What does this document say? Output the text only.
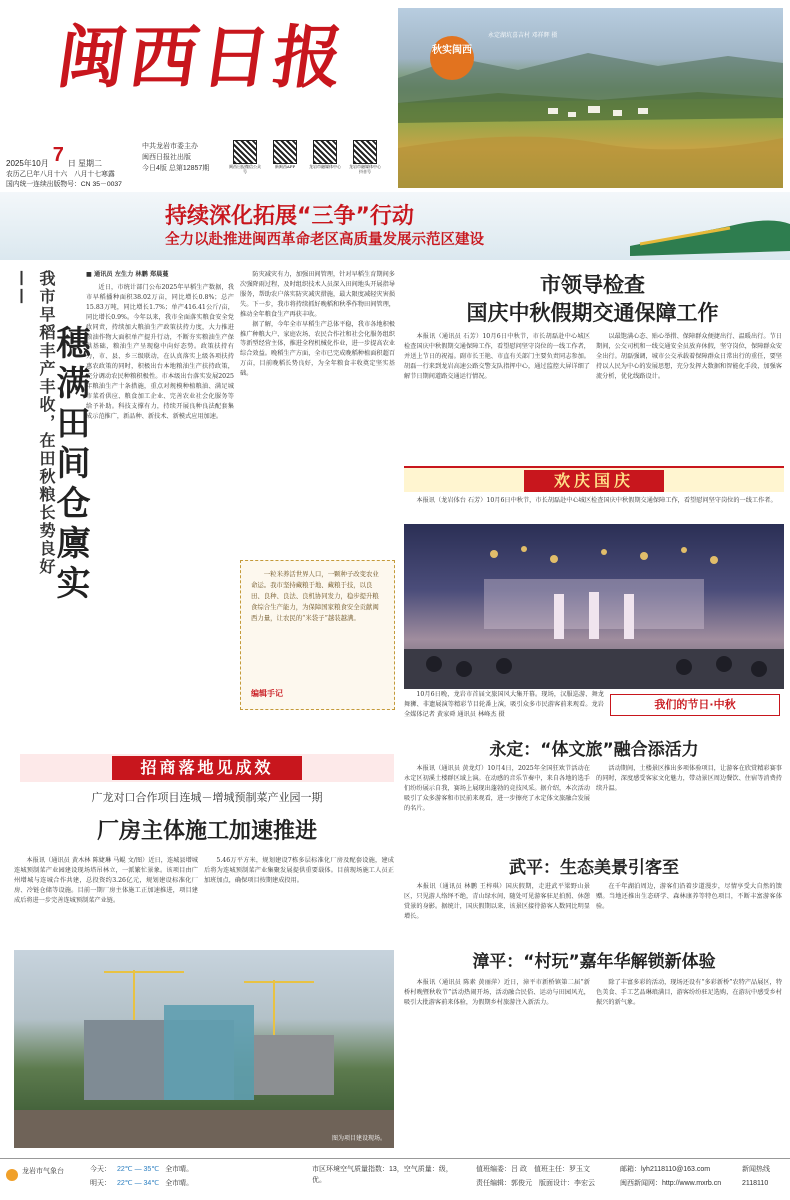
闽西日报
2025年10月 7 日 星期二
农历乙巳年八月十六　八月十七寒露
国内统一连续出版物号：CN 35－0037
中共龙岩市委主办
闽西日报社出版
今日4版 总第12857期	闽西日报微信公众号
新闽西APP	龙岩市融媒体中心 龙岩市融媒体中心抖音号
永定湖坑喜吉村 邓祥辉 摄
秋实闽西
持续深化拓展“三争”行动
全力以赴推进闽西革命老区高质量发展示范区建设
我市早稻丰产丰收，在田秋粮长势良好——
穗满田间仓廪实
■ 通讯员 左生力 林鹏 郑晨蔓
近日，市统计部门公布2025年早稻生产数据，我市早稻播种面积38.02万亩，同比增长0.8%；总产15.83万吨，同比增长1.7%；单产416.41公斤/亩，同比增长0.9%。今年以来，我市全面落实粮食安全党政同责，持续加大粮油生产政策扶持力度，大力推进粮油作物大面积单产提升行动，不断夯实粮油生产保供基础，粮油生产呈现稳中向好态势。政策扶持有力，市、县、乡三级联动，在认真落实上级各项扶持惠农政策的同时，积极出台本地粮油生产扶持政策，充分调动农民种粮积极性。市本级出台落实发展2025年粮油生产十条措施，重点对规模种植粮油、满足城市菜肴供应、粮食加工企业、完善农业社会化服务等给予补助。科技支撑有力，持续开展良种良法配套集成示范推广，新品种、新技术、新模式应用加速。
防灾减灾有力，加强田间管理，针对早稻生育期间多次强降雨过程，及时组织技术人员深入田间地头开展指导服务，帮助农户落实防灾减灾措施，最大限度减轻灾害损失。下一步，我市将持续抓好晚稻和秋季作物田间管理，推动全年粮食生产再获丰收。
据了解，今年全市早稻生产总体平稳，我市各地积极推广种粮大户、家庭农场、农民合作社和社会化服务组织等新型经营主体，推进全程机械化作业，进一步提高农业综合效益。晚稻生产方面，全市已完成晚稻种植面积超百万亩，目前晚稻长势良好，为全年粮食丰收奠定坚实基础。
一粒米养活世界人口，一颗种子改变农业命运。我市坚持藏粮于地、藏粮于技，以良田、良种、良法、良机协同发力，稳步提升粮食综合生产能力，为保障国家粮食安全贡献闽西力量，让农民的“米袋子”越装越满。
编辑手记
市领导检查
国庆中秋假期交通保障工作
本报讯（通讯员 石芳）10月6日中秋节，市长胡磊赴中心城区检查国庆中秋假期交通保障工作，看望慰问坚守岗位的一线工作者，并送上节日的祝福。副市长王艳、市直有关部门主要负责同志参加。胡磊一行来到龙岩高速公路交警支队指挥中心，通过监控大屏详细了解节日期间道路交通运行情况。
以最饱满心态、贴心举措、保障群众便捷出行、温暖出行。节日期间，公交司机和一线交通安全员放弃休假，坚守岗位，保障群众安全出行。胡磊强调，城市公交承载着保障群众日常出行的重任，要坚持以人民为中心的发展思想，充分发挥大数据和智能化手段，加强客流分析，优化线路设计。
欢庆国庆
本报讯（龙岩体台 石芳）10月6日中秋节，市长胡磊赴中心城区检查国庆中秋假期交通保障工作，看望慰问坚守岗位的一线工作者。
10月6日晚，龙岩市首届文旅国风大集开幕。现场，汉服巡游、舞龙舞狮、非遗展演等精彩节目轮番上演，吸引众多市民游客前来观看。龙岩全媒体记者 黄家舜 通讯员 林峰杰 摄
我们的节日·中秋
永定：“体文旅”融合添活力
本报讯（通讯员 黄龙灯）10月4日，2025年全国狂欢节活动在永定区初溪土楼群区域上演。在动感的音乐节奏中，来自各地的选手们纷纷展示自我，赛场上展现出蓬勃的竞技风采。据介绍，本次活动吸引了众多游客和市民前来观看，进一步擦亮了永定体文旅融合发展的名片。
活动期间，土楼景区推出多项体验项目，让游客在欣赏精彩赛事的同时，深度感受客家文化魅力，带动景区周边餐饮、住宿等消费持续升温。
武平：生态美景引客至
本报讯（通讯员 林鹏 王梓琪）国庆假期，走进武平梁野山景区，只见游人络绎不绝，青山绿水间，随处可见游客驻足拍照、休憩赏景的身影。据统计，国庆假期以来，该景区接待游客人数同比明显增长。
在千年湖泊周边，游客们沿着步道漫步，尽情享受大自然的馈赠。当地还推出生态研学、森林康养等特色项目，不断丰富游客体验。
漳平：“村玩”嘉年华解锁新体验
本报讯（通讯员 陈素 黄丽萍）近日，漳平市新桥镇第二届“新桥村晚暨秋收节”活动热闹开场，活动融合民俗、运动与田园风光，吸引大批游客前来体验，为假期乡村旅游注入新活力。
除了丰富多彩的活动，现场还设有“多彩新桥”农特产品展区，特色美食、手工艺品琳琅满目，游客纷纷驻足选购，在游玩中感受乡村振兴的新气象。
招商落地见成效
广龙对口合作项目连城－增城预制菜产业园一期
厂房主体施工加速推进
本报讯（通讯员 黄木林 陈婕琳 马鲲 文/图）近日，连城县增城连城预制菜产业园建设现场塔吊林立，一派繁忙景象。该项目由广州增城与连城合作共建，总投资约3.26亿元，规划建设标准化厂房、冷链仓储等设施。目前一期厂房主体施工正加速推进，项目建成后将进一步完善连城预制菜产业链。
5.46万平方米，规划建设7栋多层标准化厂房及配套设施，建成后将为连城预制菜产业集聚发展提供重要载体。目前现场施工人员正加班加点，确保项目按期建成投用。
图为项目建设现场。
龙岩市气象台	今天： 22℃ — 35℃ 全市晴。
明天： 22℃ — 34℃ 全市晴。
市区环境空气质量指数：13，空气质量：级，优。
值班编委：吕 政　值班主任：罗玉文
责任编辑：郭俊元　版面设计：李宏云
邮箱：lyh2118110@163.com
闽西新闻网：http://www.mxrb.cn
新闻热线
2118110
